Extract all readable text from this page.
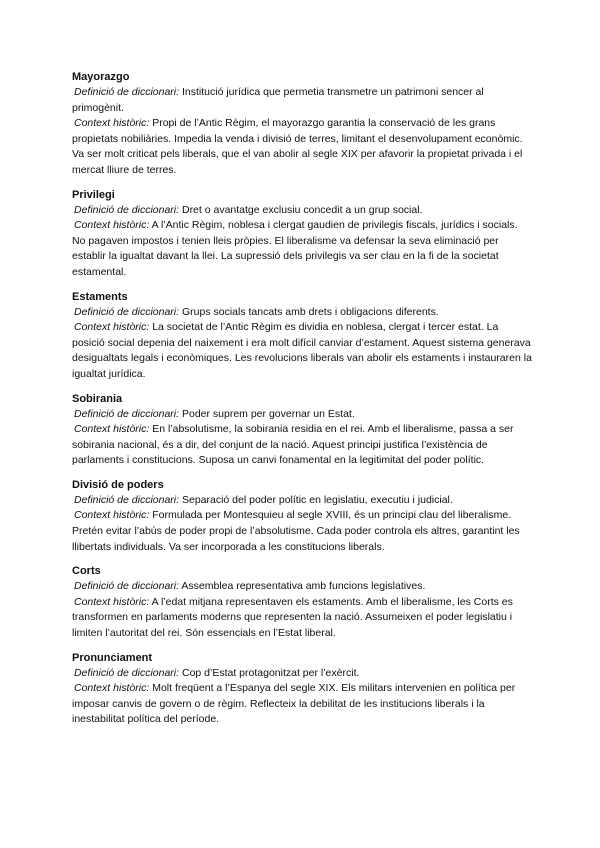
Mayorazgo

Definició de diccionari: Institució jurídica que permetia transmetre un patrimoni sencer al primogènit.

Context històric: Propi de l’Antic Règim, el mayorazgo garantia la conservació de les grans propietats nobiliàries. Impedia la venda i divisió de terres, limitant el desenvolupament econòmic. Va ser molt criticat pels liberals, que el van abolir al segle XIX per afavorir la propietat privada i el mercat lliure de terres.

Privilegi

Definició de diccionari: Dret o avantatge exclusiu concedit a un grup social.

Context històric: A l’Antic Règim, noblesa i clergat gaudien de privilegis fiscals, jurídics i socials. No pagaven impostos i tenien lleis pròpies. El liberalisme va defensar la seva eliminació per establir la igualtat davant la llei. La supressió dels privilegis va ser clau en la fi de la societat estamental.

Estaments

Definició de diccionari: Grups socials tancats amb drets i obligacions diferents.

Context històric: La societat de l’Antic Règim es dividia en noblesa, clergat i tercer estat. La posició social depenia del naixement i era molt difícil canviar d’estament. Aquest sistema generava desigualtats legals i econòmiques. Les revolucions liberals van abolir els estaments i instauraren la igualtat jurídica.

Sobirania

Definició de diccionari: Poder suprem per governar un Estat.

Context històric: En l’absolutisme, la sobirania residia en el rei. Amb el liberalisme, passa a ser sobirania nacional, és a dir, del conjunt de la nació. Aquest principi justifica l’existència de parlaments i constitucions. Suposa un canvi fonamental en la legitimitat del poder polític.

Divisió de poders

Definició de diccionari: Separació del poder polític en legislatiu, executiu i judicial.

Context històric: Formulada per Montesquieu al segle XVIII, és un principi clau del liberalisme. Pretén evitar l’abús de poder propi de l’absolutisme. Cada poder controla els altres, garantint les llibertats individuals. Va ser incorporada a les constitucions liberals.

Corts

Definició de diccionari: Assemblea representativa amb funcions legislatives.

Context històric: A l’edat mitjana representaven els estaments. Amb el liberalisme, les Corts es transformen en parlaments moderns que representen la nació. Assumeixen el poder legislatiu i limiten l’autoritat del rei. Són essencials en l’Estat liberal.

Pronunciament

Definició de diccionari: Cop d’Estat protagonitzat per l’exèrcit.

Context històric: Molt freqüent a l’Espanya del segle XIX. Els militars intervenien en política per imposar canvis de govern o de règim. Reflecteix la debilitat de les institucions liberals i la inestabilitat política del període.
